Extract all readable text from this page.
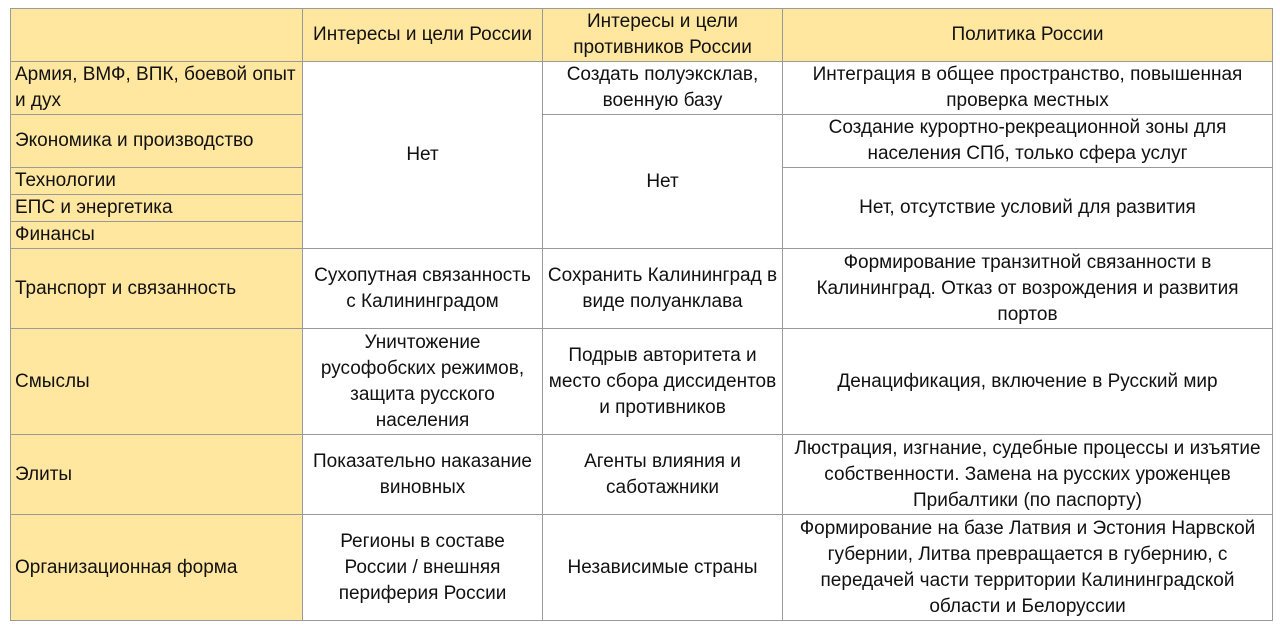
	Интересы и цели России	Интересы и цели противников России	Политика России
Армия, ВМФ, ВПК, боевой опыт и дух	Нет	Создать полуэксклав, военную базу	Интеграция в общее пространство, повышенная проверка местных
Экономика и производство		Нет	Создание курортно-рекреационной зоны для населения СПб, только сфера услуг
Технологии			Нет, отсутствие условий для развития
ЕПС и энергетика			
Финансы			
Транспорт и связанность	Сухопутная связанность с Калининградом	Сохранить Калининград в виде полуанклава	Формирование транзитной связанности в Калининград. Отказ от возрождения и развития портов
Смыслы	Уничтожение русофобских режимов, защита русского населения	Подрыв авторитета и место сбора диссидентов и противников	Денацификация, включение в Русский мир
Элиты	Показательно наказание виновных	Агенты влияния и саботажники	Люстрация, изгнание, судебные процессы и изъятие собственности. Замена на русских уроженцев Прибалтики (по паспорту)
Организационная форма	Регионы в составе России / внешняя периферия России	Независимые страны	Формирование на базе Латвия и Эстония Нарвской губернии, Литва превращается в губернию, с передачей части территории Калининградской области и Белоруссии
